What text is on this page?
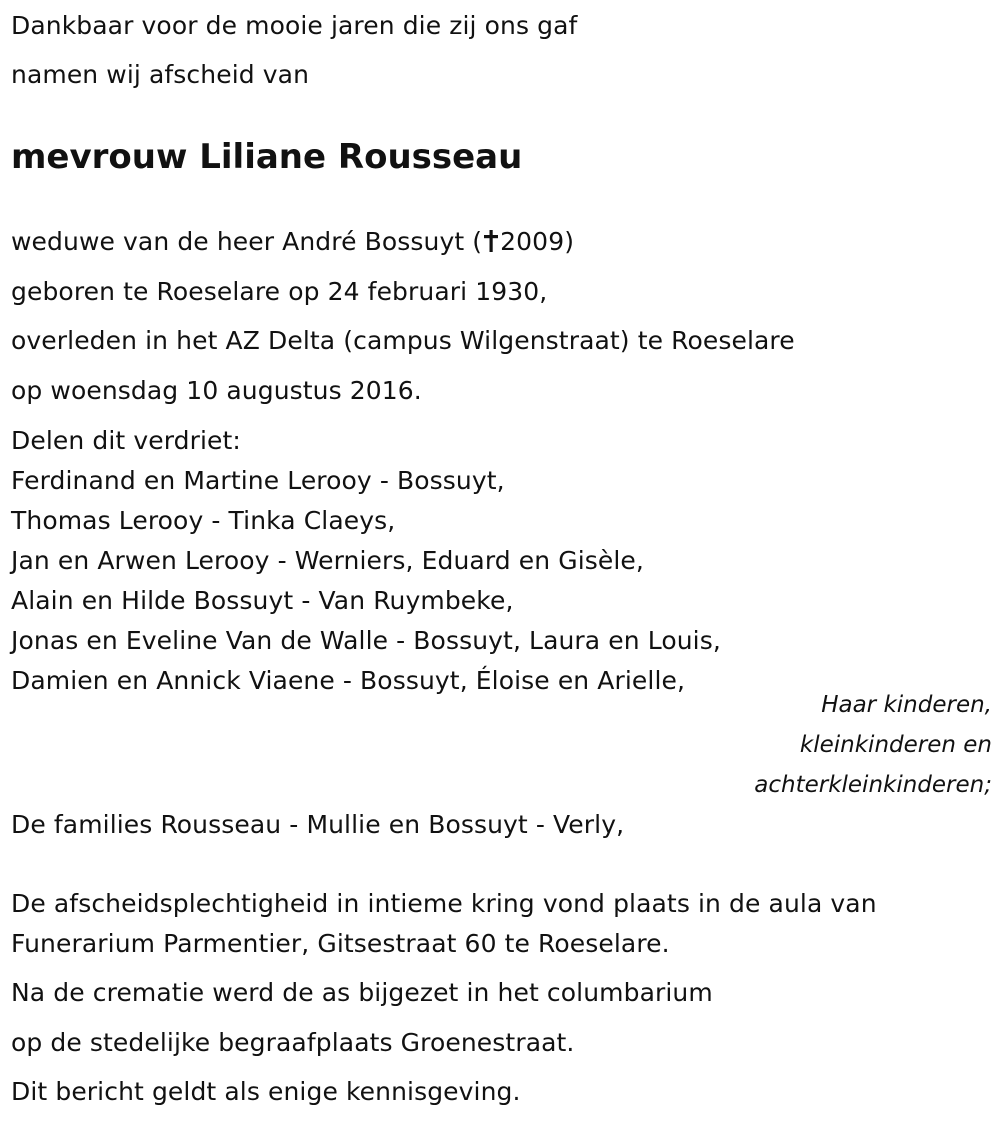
Dankbaar voor de mooie jaren die zij ons gaf
namen wij afscheid van
mevrouw Liliane Rousseau
weduwe van de heer André Bossuyt ( 2009)
geboren te Roeselare op 24 februari 1930,
overleden in het AZ Delta (campus Wilgenstraat) te Roeselare
op woensdag 10 augustus 2016.
Delen dit verdriet:
Ferdinand en Martine Lerooy - Bossuyt,
Thomas Lerooy - Tinka Claeys,
Jan en Arwen Lerooy - Werniers, Eduard en Gisèle,
Alain en Hilde Bossuyt - Van Ruymbeke,
Jonas en Eveline Van de Walle - Bossuyt, Laura en Louis,
Damien en Annick Viaene - Bossuyt, Éloise en Arielle,
Haar kinderen,
kleinkinderen en
achterkleinkinderen;
De families Rousseau - Mullie en Bossuyt - Verly,
De afscheidsplechtigheid in intieme kring vond plaats in de aula van
Funerarium Parmentier, Gitsestraat 60 te Roeselare.
Na de crematie werd de as bijgezet in het columbarium
op de stedelijke begraafplaats Groenestraat.
Dit bericht geldt als enige kennisgeving.
